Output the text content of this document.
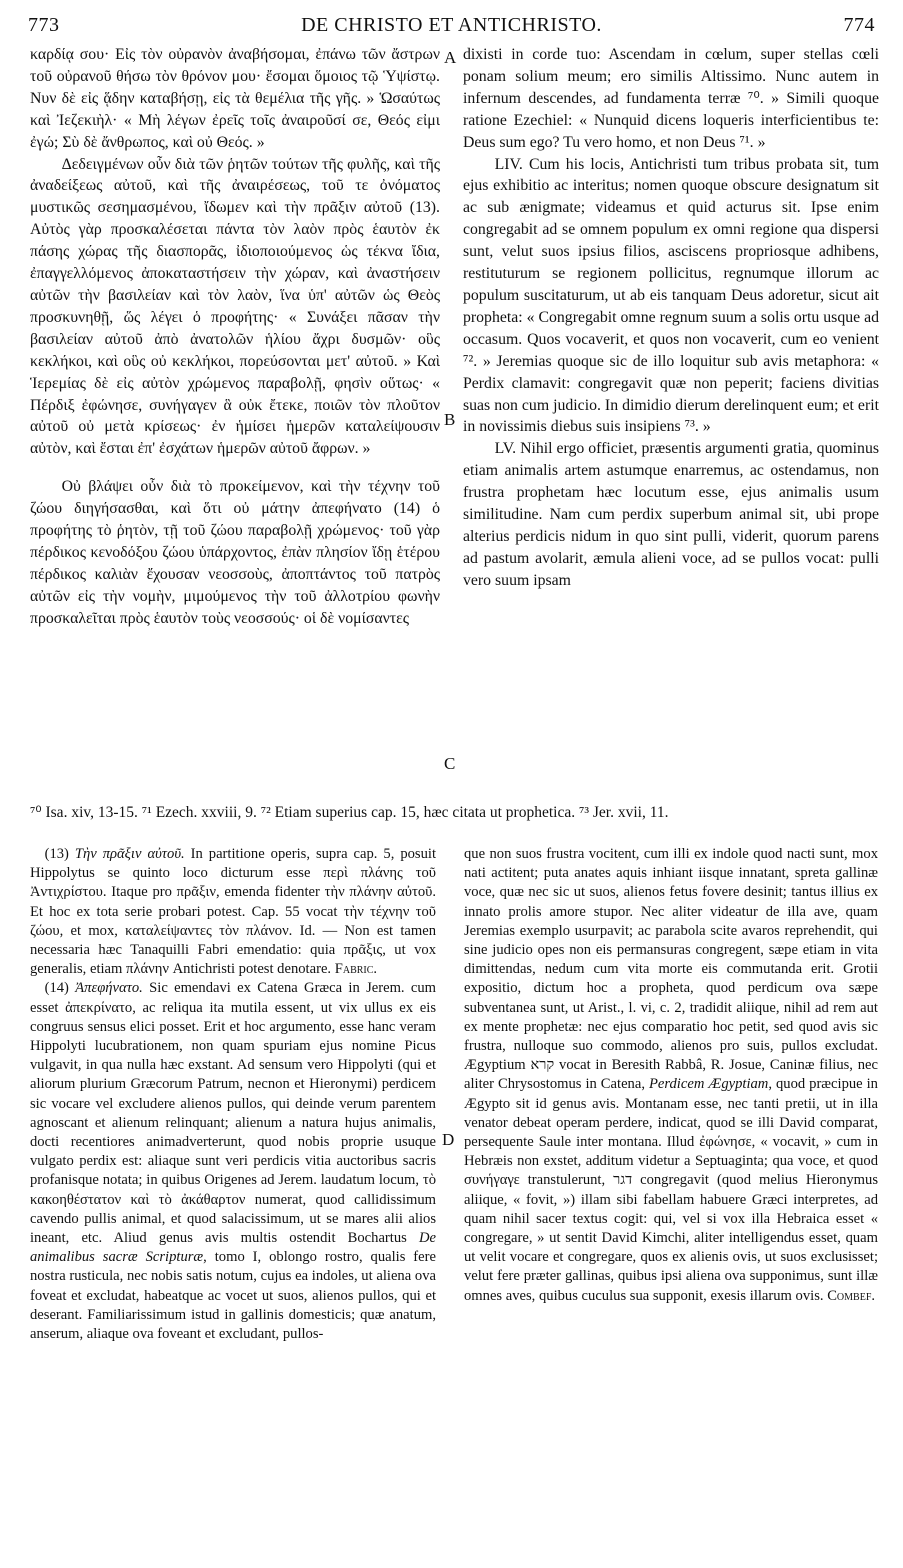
773	DE CHRISTO ET ANTICHRISTO.	774

καρδίᾳ σου· Εἰς τὸν οὐρανὸν ἀναβήσομαι, ἐπάνω τῶν ἄστρων τοῦ οὐρανοῦ θήσω τὸν θρόνον μου· ἔσομαι ὅμοιος τῷ Ὑψίστῳ. Νυν δὲ εἰς ᾅδην καταβήσῃ, εἰς τὰ θεμέλια τῆς γῆς. » Ὡσαύτως καὶ Ἰεζεκιὴλ· « Μὴ λέγων ἐρεῖς τοῖς ἀναιροῦσί σε, Θεός εἰμι ἐγώ; Σὺ δὲ ἄνθρωπος, καὶ οὐ Θεός. »

Δεδειγμένων οὖν διὰ τῶν ῥητῶν τούτων τῆς φυλῆς, καὶ τῆς ἀναδείξεως αὐτοῦ, καὶ τῆς ἀναιρέσεως, τοῦ τε ὀνόματος μυστικῶς σεσημασμένου, ἴδωμεν καὶ τὴν πρᾶξιν αὐτοῦ (13). Αὐτὸς γὰρ προσκαλέσεται πάντα τὸν λαὸν πρὸς ἑαυτὸν ἐκ πάσης χώρας τῆς διασπορᾶς, ἰδιοποιούμενος ὡς τέκνα ἴδια, ἐπαγγελλόμενος ἀποκαταστήσειν τὴν χώραν, καὶ ἀναστήσειν αὐτῶν τὴν βασιλείαν καὶ τὸν λαὸν, ἵνα ὑπ' αὐτῶν ὡς Θεὸς προσκυνηθῇ, ὥς λέγει ὁ προφήτης· « Συνάξει πᾶσαν τὴν βασιλείαν αὐτοῦ ἀπὸ ἀνατολῶν ἡλίου ἄχρι δυσμῶν· οὓς κεκλήκοι, καὶ οὓς οὐ κεκλήκοι, πορεύσονται μετ' αὐτοῦ. » Καὶ Ἱερεμίας δὲ εἰς αὐτὸν χρώμενος παραβολῇ, φησὶν οὕτως· « Πέρδιξ ἐφώνησε, συνήγαγεν ἃ οὐκ ἔτεκε, ποιῶν τὸν πλοῦτον αὐτοῦ οὐ μετὰ κρίσεως· ἐν ἡμίσει ἡμερῶν καταλείψουσιν αὐτὸν, καὶ ἔσται ἐπ' ἐσχάτων ἡμερῶν αὐτοῦ ἄφρων. »

Οὐ βλάψει οὖν διὰ τὸ προκείμενον, καὶ τὴν τέχνην τοῦ ζώου διηγήσασθαι, καὶ ὅτι οὐ μάτην ἀπεφήνατο (14) ὁ προφήτης τὸ ῥητὸν, τῇ τοῦ ζώου παραβολῇ χρώμενος· τοῦ γὰρ πέρδικος κενοδόξου ζώου ὑπάρχοντος, ἐπὰν πλησίον ἴδῃ ἑτέρου πέρδικος καλιὰν ἔχουσαν νεοσσοὺς, ἀποπτάντος τοῦ πατρὸς αὐτῶν εἰς τὴν νομὴν, μιμούμενος τὴν τοῦ ἀλλοτρίου φωνὴν προσκαλεῖται πρὸς ἑαυτὸν τοὺς νεοσσούς· οἱ δὲ νομίσαντες

A
B
C
D

dixisti in corde tuo: Ascendam in cœlum, super stellas cœli ponam solium meum; ero similis Altissimo. Nunc autem in infernum descendes, ad fundamenta terræ ⁷⁰. » Simili quoque ratione Ezechiel: « Nunquid dicens loqueris interficientibus te: Deus sum ego? Tu vero homo, et non Deus ⁷¹. »

LIV. Cum his locis, Antichristi tum tribus probata sit, tum ejus exhibitio ac interitus; nomen quoque obscure designatum sit ac sub ænigmate; videamus et quid acturus sit. Ipse enim congregabit ad se omnem populum ex omni regione qua dispersi sunt, velut suos ipsius filios, asciscens propriosque adhibens, restituturum se regionem pollicitus, regnumque illorum ac populum suscitaturum, ut ab eis tanquam Deus adoretur, sicut ait propheta: « Congregabit omne regnum suum a solis ortu usque ad occasum. Quos vocaverit, et quos non vocaverit, cum eo venient ⁷². » Jeremias quoque sic de illo loquitur sub avis metaphora: « Perdix clamavit: congregavit quæ non peperit; faciens divitias suas non cum judicio. In dimidio dierum derelinquent eum; et erit in novissimis diebus suis insipiens ⁷³. »

LV. Nihil ergo officiet, præsentis argumenti gratia, quominus etiam animalis artem astumque enarremus, ac ostendamus, non frustra prophetam hæc locutum esse, ejus animalis usum similitudine. Nam cum perdix superbum animal sit, ubi prope alterius perdicis nidum in quo sint pulli, viderit, quorum parens ad pastum avolarit, æmula alieni voce, ad se pullos vocat: pulli vero suum ipsam

⁷⁰ Isa. xiv, 13-15. ⁷¹ Ezech. xxviii, 9. ⁷² Etiam superius cap. 15, hæc citata ut prophetica. ⁷³ Jer. xvii, 11.

(13) Τὴν πρᾶξιν αὐτοῦ. In partitione operis, supra cap. 5, posuit Hippolytus se quinto loco dicturum esse περὶ πλάνης τοῦ Ἀντιχρίστου. Itaque pro πρᾶξιν, emenda fidenter τὴν πλάνην αὐτοῦ. Et hoc ex tota serie probari potest. Cap. 55 vocat τὴν τέχνην τοῦ ζώου, et mox, καταλείψαντες τὸν πλάνον. Id. — Non est tamen necessaria hæc Tanaquilli Fabri emendatio: quia πρᾶξις, ut vox generalis, etiam πλάνην Antichristi potest denotare. Fabric.

(14) Ἀπεφήνατο. Sic emendavi ex Catena Græca in Jerem. cum esset ἀπεκρίνατο, ac reliqua ita mutila essent, ut vix ullus ex eis congruus sensus elici posset. Erit et hoc argumento, esse hanc veram Hippolyti lucubrationem, non quam spuriam ejus nomine Picus vulgavit, in qua nulla hæc exstant. Ad sensum vero Hippolyti (qui et aliorum plurium Græcorum Patrum, necnon et Hieronymi) perdicem sic vocare vel excludere alienos pullos, qui deinde verum parentem agnoscant et alienum relinquant; alienum a natura hujus animalis, docti recentiores animadverterunt, quod nobis proprie usuque vulgato perdix est: aliaque sunt veri perdicis vitia auctoribus sacris profanisque notata; in quibus Origenes ad Jerem. laudatum locum, τὸ κακοηθέστατον καὶ τὸ ἀκάθαρτον numerat, quod callidissimum cavendo pullis animal, et quod salacissimum, ut se mares alii alios ineant, etc. Aliud genus avis multis ostendit Bochartus De animalibus sacræ Scripturæ, tomo I, oblongo rostro, qualis fere nostra rusticula, nec nobis satis notum, cujus ea indoles, ut aliena ova foveat et excludat, habeatque ac vocet ut suos, alienos pullos, qui et deserant. Familiarissimum istud in gallinis domesticis; quæ anatum, anserum, aliaque ova foveant et excludant, pullos-

que non suos frustra vocitent, cum illi ex indole quod nacti sunt, mox nati actitent; puta anates aquis inhiant iisque innatant, spreta gallinæ voce, quæ nec sic ut suos, alienos fetus fovere desinit; tantus illius ex innato prolis amore stupor. Nec aliter videatur de illa ave, quam Jeremias exemplo usurpavit; ac parabola scite avaros reprehendit, qui sine judicio opes non eis permansuras congregent, sæpe etiam in vita dimittendas, nedum cum vita morte eis commutanda erit. Grotii expositio, dictum hoc a propheta, quod perdicum ova sæpe subventanea sunt, ut Arist., l. vi, c. 2, tradidit aliique, nihil ad rem aut ex mente prophetæ: nec ejus comparatio hoc petit, sed quod avis sic frustra, nulloque suo commodo, alienos pro suis, pullos excludat. Ægyptium קרא vocat in Beresith Rabbâ, R. Josue, Caninæ filius, nec aliter Chrysostomus in Catena, Perdicem Ægyptiam, quod præcipue in Ægypto sit id genus avis. Montanam esse, nec tanti pretii, ut in illa venator debeat operam perdere, indicat, quod se illi David comparat, persequente Saule inter montana. Illud ἐφώνησε, « vocavit, » cum in Hebræis non exstet, additum videtur a Septuaginta; qua voce, et quod συνήγαγε transtulerunt, דגר congregavit (quod melius Hieronymus aliique, « fovit, ») illam sibi fabellam habuere Græci interpretes, ad quam nihil sacer textus cogit: qui, vel si vox illa Hebraica esset « congregare, » ut sentit David Kimchi, aliter intelligendus esset, quam ut velit vocare et congregare, quos ex alienis ovis, ut suos exclusisset; velut fere præter gallinas, quibus ipsi aliena ova supponimus, sunt illæ omnes aves, quibus cuculus sua supponit, exesis illarum ovis. Combef.
